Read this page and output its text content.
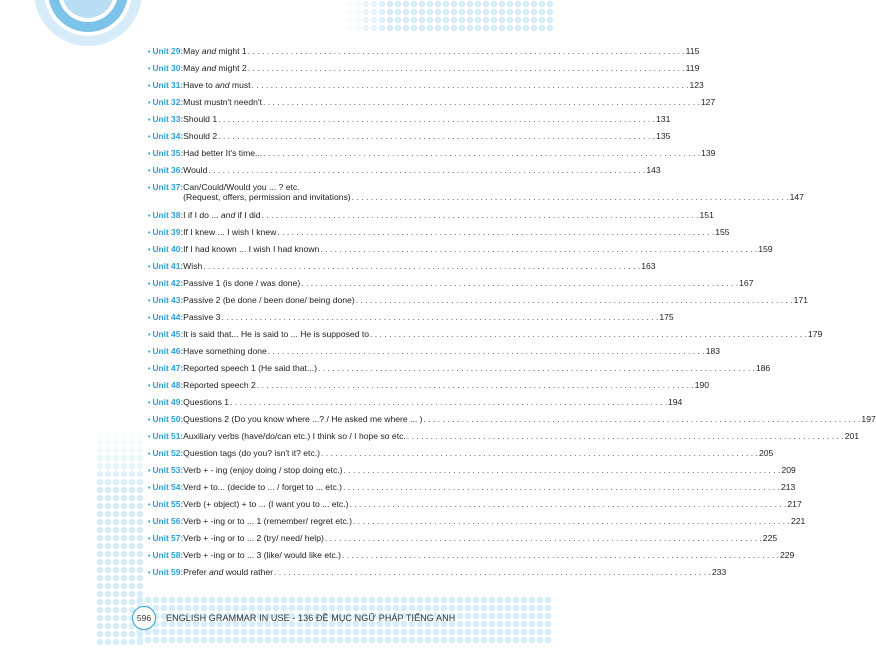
• Unit 29: May and might 1 . . .	115
• Unit 30: May and might 2 . . .	119
• Unit 31: Have to and must . . .	123
• Unit 32: Must mustn't needn't . . .	127
• Unit 33: Should 1 . . .	131
• Unit 34: Should 2 . . .	135
• Unit 35: Had better It's time... . . .	139
• Unit 36: Would . . .	143
• Unit 37: Can/Could/Would you ... ? etc.
(Request, offers, permission and invitations) . . .	147
• Unit 38: I if I do ... and if I did . . .	151
• Unit 39: If I knew ... I wish I knew . . .	155
• Unit 40: If I had known ... I wish I had known . . .	159
• Unit 41: Wish . . .	163
• Unit 42: Passive 1 (is done / was done) . . .	167
• Unit 43: Passive 2 (be done / been done/ being done) . . .	171
• Unit 44: Passive 3 . . .	175
• Unit 45: It is said that... He is said to ... He is supposed to . . .	179
• Unit 46: Have something done . . .	183
• Unit 47: Reported speech 1 (He said that...) . . .	186
• Unit 48: Reported speech 2 . . .	190
• Unit 49: Questions 1 . . .	194
• Unit 50: Questions 2 (Do you know where ...? / He asked me where ... ) . . .	197
• Unit 51: Auxiliary verbs (have/do/can etc.) I think so / I hope so etc. . . .	201
• Unit 52: Question tags (do you? isn't it? etc.) . . .	205
• Unit 53: Verb + - ing (enjoy doing / stop doing etc.) . . .	209
• Unit 54: Verd + to... (decide to ... / forget to ... etc.) . . .	213
• Unit 55: Verb (+ object) + to ... (I want you to ... etc.) . . .	217
• Unit 56: Verb + -ing or to ... 1 (remember/ regret etc.) . . .	221
• Unit 57: Verb + -ing or to ... 2 (try/ need/ help) . . .	225
• Unit 58: Verb + -ing or to ... 3 (like/ would like etc.) . . .	229
• Unit 59: Prefer and would rather . . .	233
596	ENGLISH GRAMMAR IN USE - 136 ĐỀ MỤC NGỮ PHÁP TIẾNG ANH
